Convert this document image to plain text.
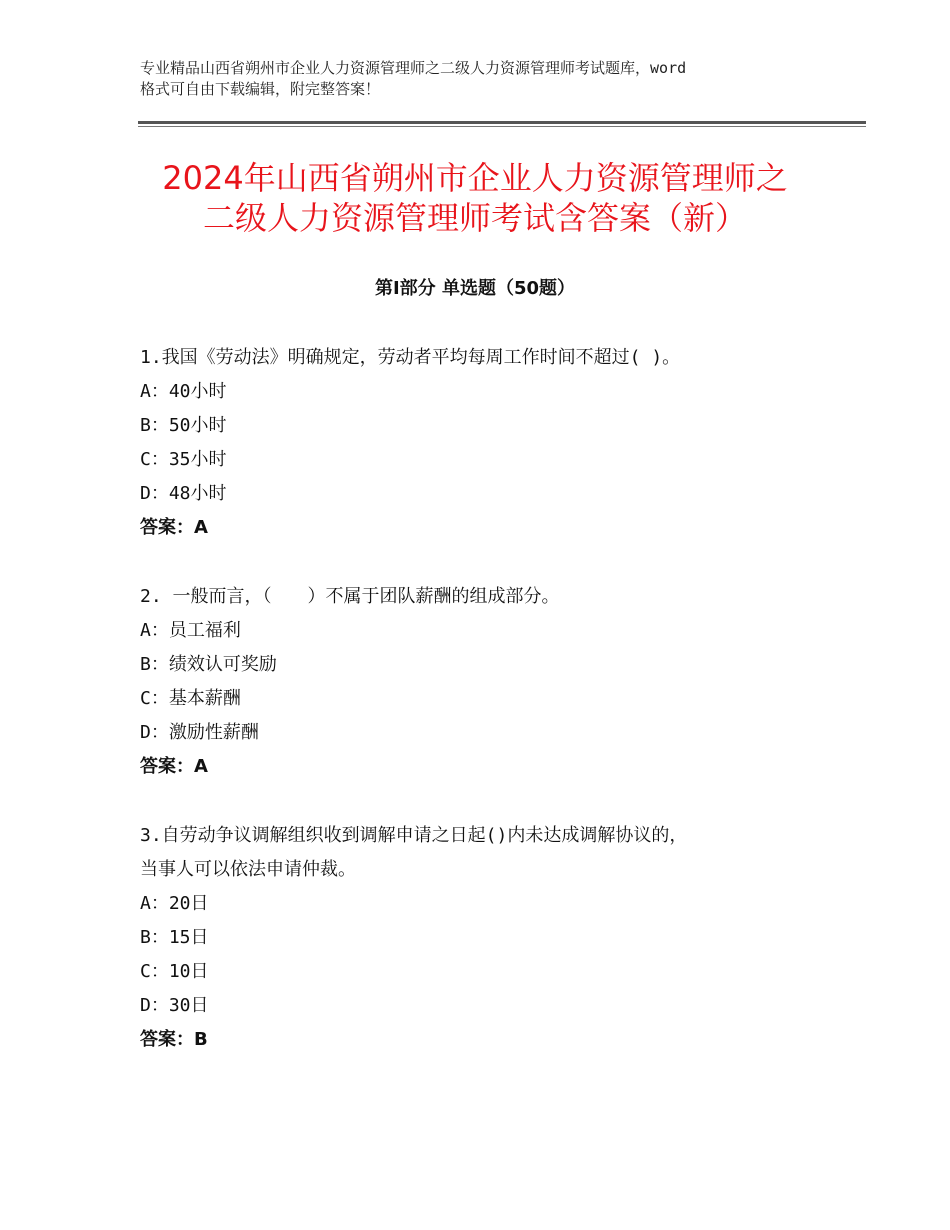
专业精品山西省朔州市企业人力资源管理师之二级人力资源管理师考试题库，word
格式可自由下载编辑，附完整答案！
2024年山西省朔州市企业人力资源管理师之
二级人力资源管理师考试含答案（新）
第Ⅰ部分 单选题（50题）
1.我国《劳动法》明确规定，劳动者平均每周工作时间不超过( )。
A：40小时
B：50小时
C：35小时
D：48小时
答案：A
2. 一般而言，（　　）不属于团队薪酬的组成部分。
A：员工福利
B：绩效认可奖励
C：基本薪酬
D：激励性薪酬
答案：A
3.自劳动争议调解组织收到调解申请之日起()内未达成调解协议的，
当事人可以依法申请仲裁。
A：20日
B：15日
C：10日
D：30日
答案：B
